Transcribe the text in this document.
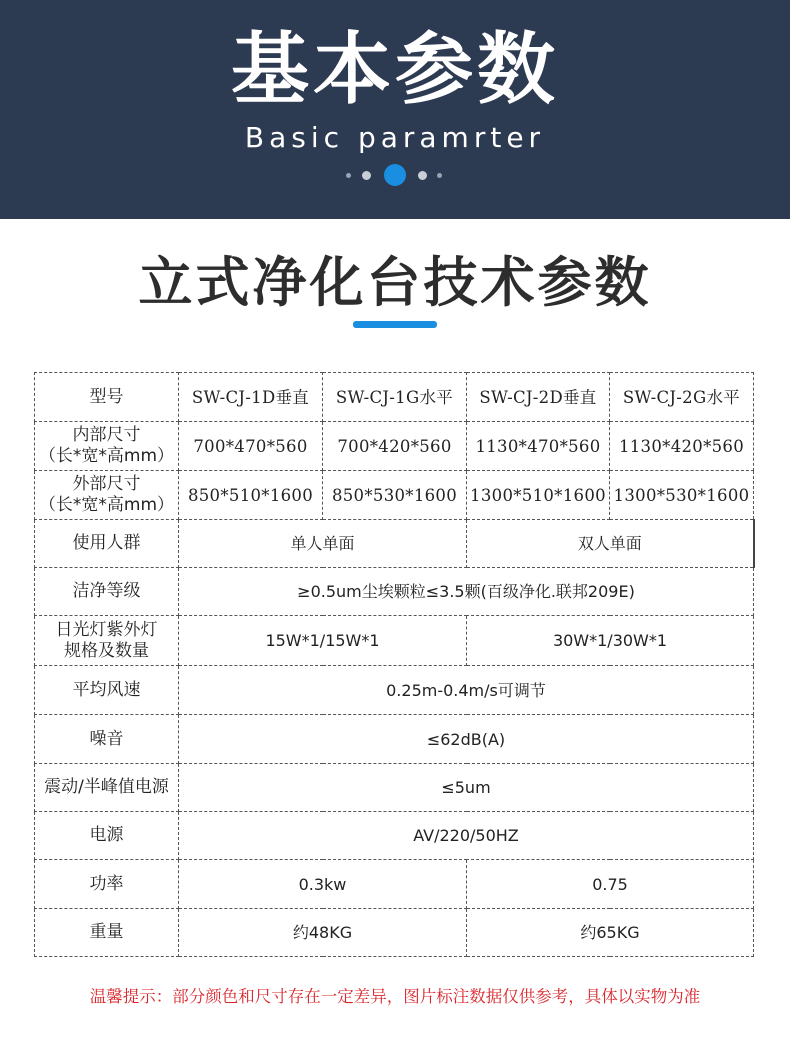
基本参数
Basic paramrter
立式净化台技术参数
型号	SW-CJ-1D垂直	SW-CJ-1G水平	SW-CJ-2D垂直	SW-CJ-2G水平

内部尺寸
（长*宽*高mm）	700*470*560	700*420*560	1130*470*560	1130*420*560

外部尺寸
（长*宽*高mm）	850*510*1600	850*530*1600	1300*510*1600	1300*530*1600
使用人群	单人单面		双人单面	
洁净等级	≥0.5um尘埃颗粒≤3.5颗(百级净化.联邦209E)			

日光灯紫外灯
规格及数量	15W*1/15W*1		30W*1/30W*1	
平均风速	0.25m-0.4m/s可调节			
噪音	≤62dB(A)			
震动/半峰值电源	≤5um			
电源	AV/220/50HZ			
功率	0.3kw		0.75	
重量	约48KG		约65KG	
温馨提示：部分颜色和尺寸存在一定差异，图片标注数据仅供参考，具体以实物为准
